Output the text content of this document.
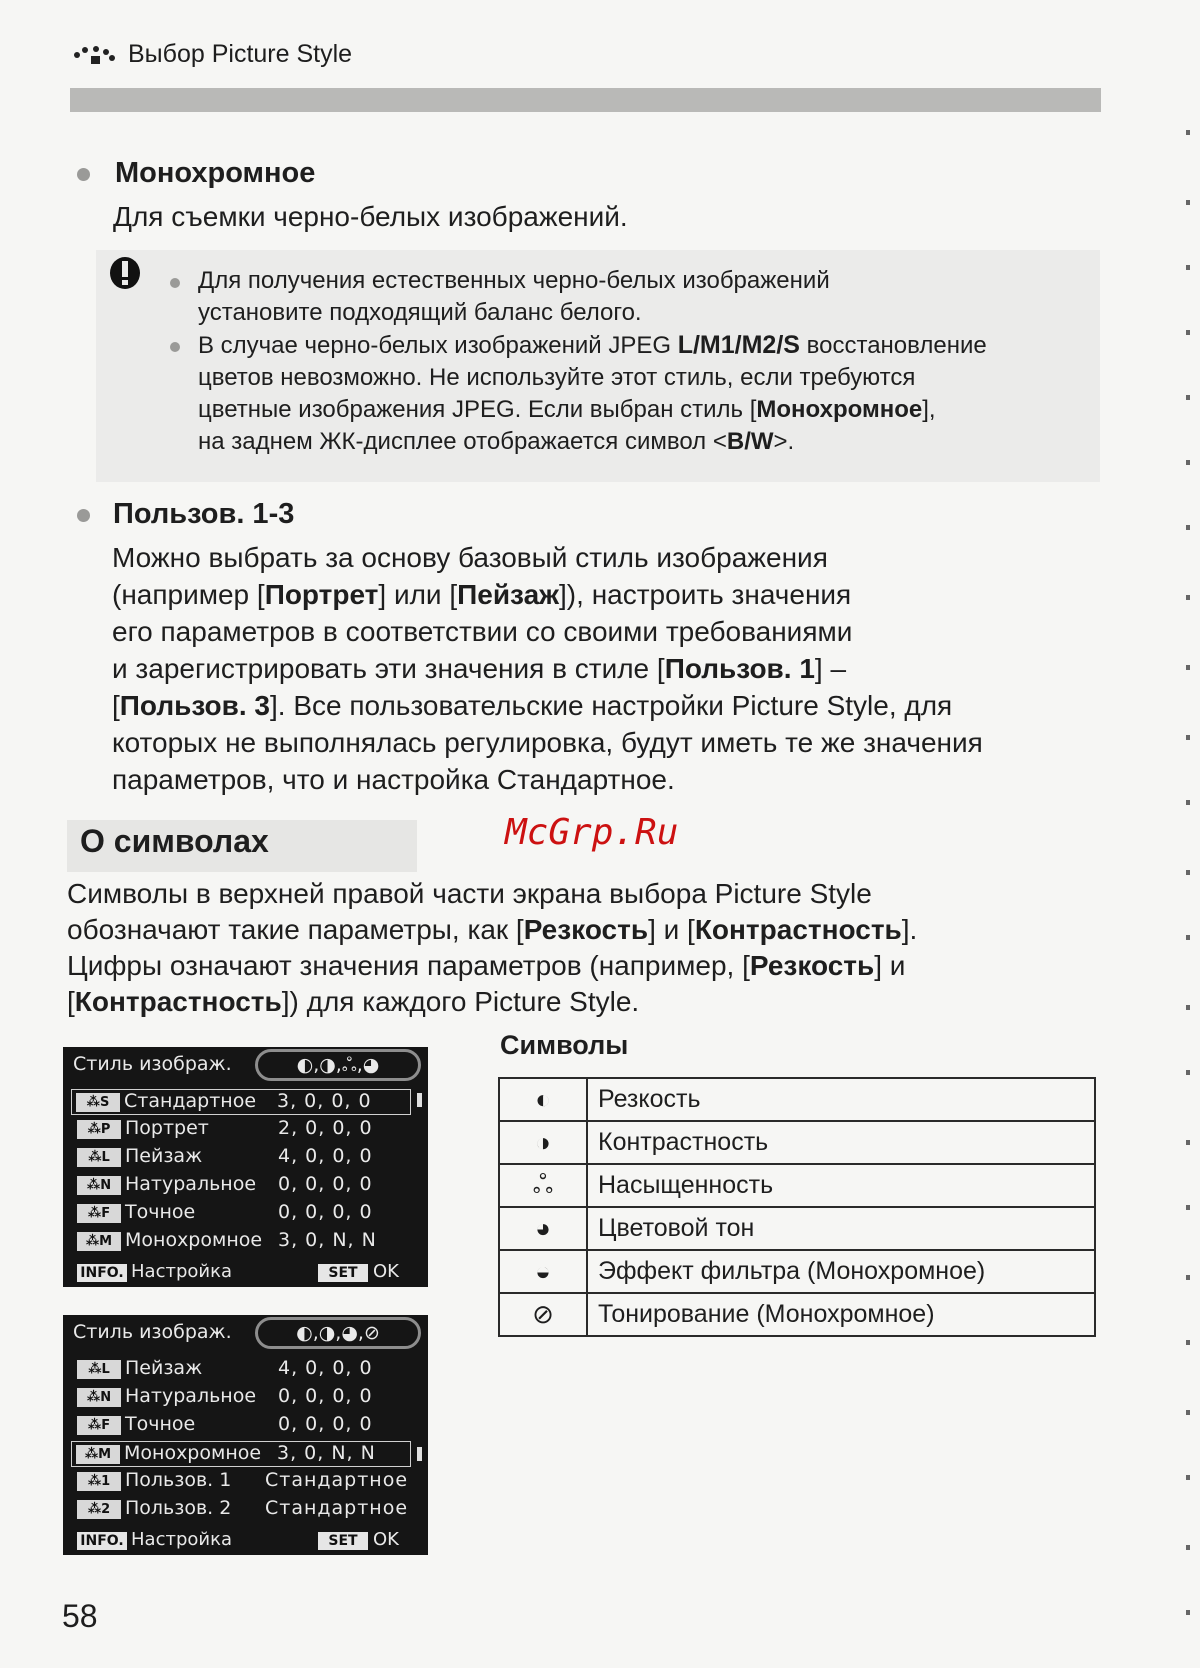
Выбор Picture Style
Монохромное
Для съемки черно-белых изображений.
Для получения естественных черно-белых изображений
установите подходящий баланс белого.
В случае черно-белых изображений JPEG L/M1/M2/S восстановление
цветов невозможно. Не используйте этот стиль, если требуются
цветные изображения JPEG. Если выбран стиль [Монохромное],
на заднем ЖК-дисплее отображается символ <B/W>.
Пользов. 1-3
Можно выбрать за основу базовый стиль изображения
(например [Портрет] или [Пейзаж]), настроить значения
его параметров в соответствии со своими требованиями
и зарегистрировать эти значения в стиле [Пользов. 1] –
[Пользов. 3]. Все пользовательские настройки Picture Style, для
которых не выполнялась регулировка, будут иметь те же значения
параметров, что и настройка Стандартное.
McGrp.Ru
О символах
Символы в верхней правой части экрана выбора Picture Style
обозначают такие параметры, как [Резкость] и [Контрастность].
Цифры означают значения параметров (например, [Резкость] и
[Контрастность]) для каждого Picture Style.
Стиль изображ.	◐,◑,ஃ,◕
⁂S Стандартное 3, 0, 0, 0
⁂P Портрет	2, 0, 0, 0
⁂L Пейзаж	4, 0, 0, 0
⁂N Натуральное 0, 0, 0, 0
⁂F Точное	0, 0, 0, 0
⁂M Монохромное 3, 0, N, N
INFO. Настройка	SET OK
Стиль изображ.	◐,◑,◕,⊘
⁂L Пейзаж	4, 0, 0, 0
⁂N Натуральное 0, 0, 0, 0
⁂F Точное	0, 0, 0, 0
⁂M Монохромное 3, 0, N, N
⁂1 Пользов. 1 Стандартное
⁂2 Пользов. 2 Стандартное
INFO. Настройка	SET OK
Символы
◐	Резкость
◑	Контрастность
ஃ	Насыщенность
◕	Цветовой тон
◒	Эффект фильтра (Монохромное)
⊘	Тонирование (Монохромное)
58
